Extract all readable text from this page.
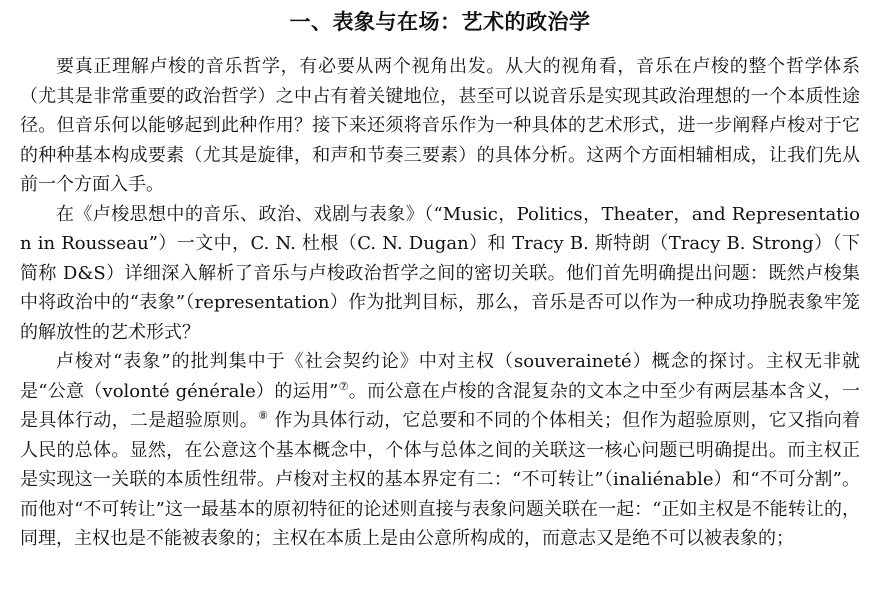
一、表象与在场：艺术的政治学

要真正理解卢梭的音乐哲学，有必要从两个视角出发。从大的视角看，音乐在卢梭的整个哲学体系（尤其是非常重要的政治哲学）之中占有着关键地位，甚至可以说音乐是实现其政治理想的一个本质性途径。但音乐何以能够起到此种作用？接下来还须将音乐作为一种具体的艺术形式，进一步阐释卢梭对于它的种种基本构成要素（尤其是旋律，和声和节奏三要素）的具体分析。这两个方面相辅相成，让我们先从前一个方面入手。

在《卢梭思想中的音乐、政治、戏剧与表象》（“Music，Politics，Theater，and Representation in Rousseau”）一文中，C. N. 杜根（C. N. Dugan）和 Tracy B. 斯特朗（Tracy B. Strong）（下简称 D&S）详细深入解析了音乐与卢梭政治哲学之间的密切关联。他们首先明确提出问题：既然卢梭集中将政治中的“表象”（representation）作为批判目标，那么，音乐是否可以作为一种成功挣脱表象牢笼的解放性的艺术形式？

卢梭对“表象”的批判集中于《社会契约论》中对主权（souveraineté）概念的探讨。主权无非就是“公意（volonté générale）的运用”⑦。而公意在卢梭的含混复杂的文本之中至少有两层基本含义，一是具体行动，二是超验原则。⑧ 作为具体行动，它总要和不同的个体相关；但作为超验原则，它又指向着人民的总体。显然，在公意这个基本概念中，个体与总体之间的关联这一核心问题已明确提出。而主权正是实现这一关联的本质性纽带。卢梭对主权的基本界定有二：“不可转让”（inaliénable）和“不可分割”。而他对“不可转让”这一最基本的原初特征的论述则直接与表象问题关联在一起：“正如主权是不能转让的，同理，主权也是不能被表象的；主权在本质上是由公意所构成的，而意志又是绝不可以被表象的；
